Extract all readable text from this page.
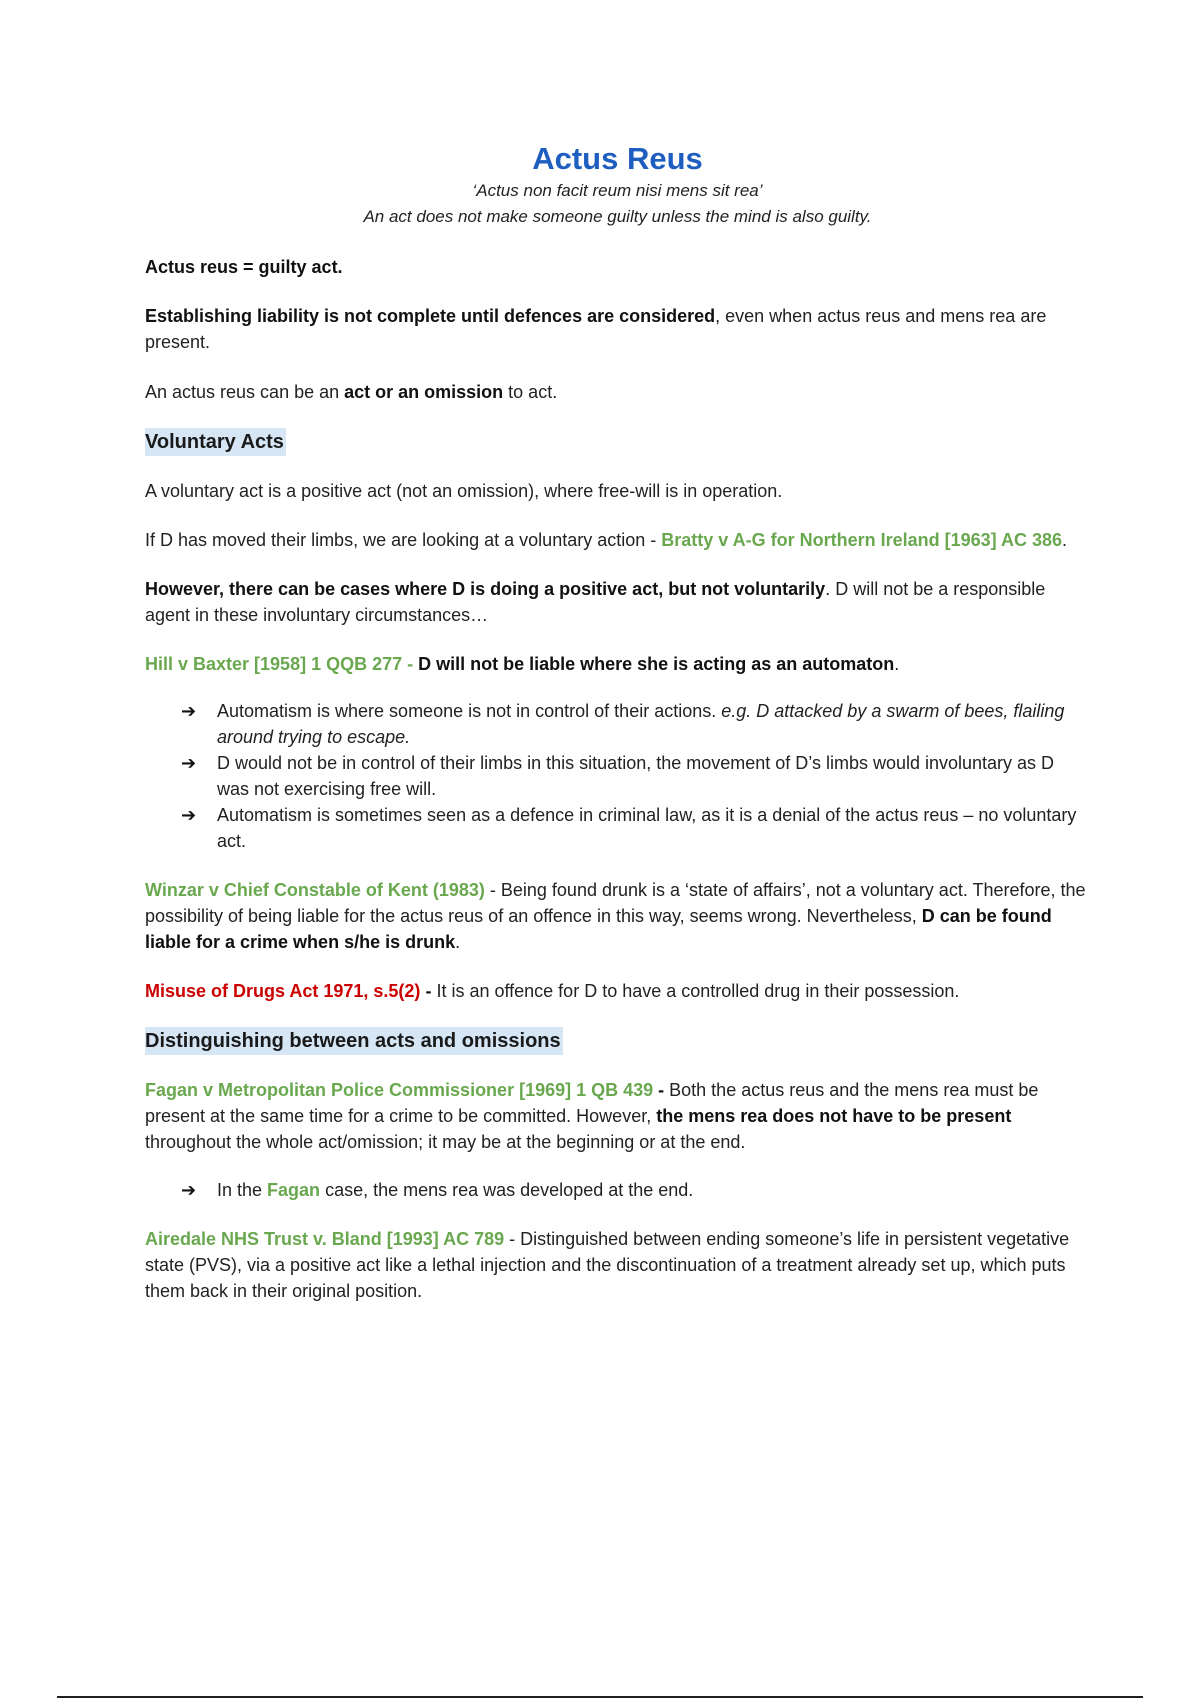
Actus Reus

‘Actus non facit reum nisi mens sit rea’

An act does not make someone guilty unless the mind is also guilty.

Actus reus = guilty act.

Establishing liability is not complete until defences are considered, even when actus reus and mens rea are present.

An actus reus can be an act or an omission to act.

Voluntary Acts

A voluntary act is a positive act (not an omission), where free-will is in operation.

If D has moved their limbs, we are looking at a voluntary action - Bratty v A-G for Northern Ireland [1963] AC 386.

However, there can be cases where D is doing a positive act, but not voluntarily. D will not be a responsible agent in these involuntary circumstances…

Hill v Baxter [1958] 1 QQB 277 - D will not be liable where she is acting as an automaton.

➔ Automatism is where someone is not in control of their actions. e.g. D attacked by a swarm of bees, flailing around trying to escape.
➔ D would not be in control of their limbs in this situation, the movement of D’s limbs would involuntary as D was not exercising free will.
➔ Automatism is sometimes seen as a defence in criminal law, as it is a denial of the actus reus – no voluntary act.

Winzar v Chief Constable of Kent (1983) - Being found drunk is a ‘state of affairs’, not a voluntary act. Therefore, the possibility of being liable for the actus reus of an offence in this way, seems wrong. Nevertheless, D can be found liable for a crime when s/he is drunk.

Misuse of Drugs Act 1971, s.5(2) - It is an offence for D to have a controlled drug in their possession.

Distinguishing between acts and omissions

Fagan v Metropolitan Police Commissioner [1969] 1 QB 439 - Both the actus reus and the mens rea must be present at the same time for a crime to be committed. However, the mens rea does not have to be present throughout the whole act/omission; it may be at the beginning or at the end.

➔ In the Fagan case, the mens rea was developed at the end.

Airedale NHS Trust v. Bland [1993] AC 789 - Distinguished between ending someone’s life in persistent vegetative state (PVS), via a positive act like a lethal injection and the discontinuation of a treatment already set up, which puts them back in their original position.
